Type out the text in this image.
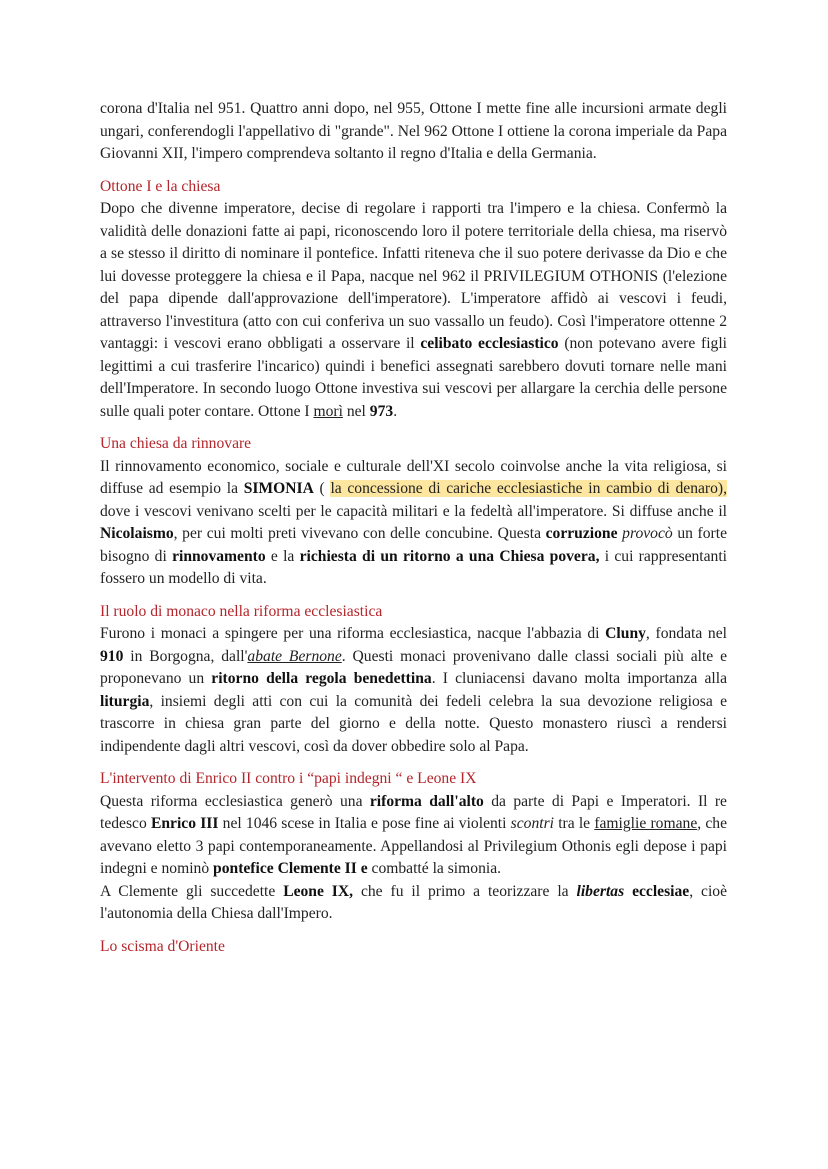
corona d'Italia nel 951. Quattro anni dopo, nel 955, Ottone I mette fine alle incursioni armate degli ungari, conferendogli l'appellativo di "grande". Nel 962 Ottone I ottiene la corona imperiale da Papa Giovanni XII, l'impero comprendeva soltanto il regno d'Italia e della Germania.

Ottone I e la chiesa

Dopo che divenne imperatore, decise di regolare i rapporti tra l'impero e la chiesa. Confermò la validità delle donazioni fatte ai papi, riconoscendo loro il potere territoriale della chiesa, ma riservò a se stesso il diritto di nominare il pontefice. Infatti riteneva che il suo potere derivasse da Dio e che lui dovesse proteggere la chiesa e il Papa, nacque nel 962 il PRIVILEGIUM OTHONIS (l'elezione del papa dipende dall'approvazione dell'imperatore). L'imperatore affidò ai vescovi i feudi, attraverso l'investitura (atto con cui conferiva un suo vassallo un feudo). Così l'imperatore ottenne 2 vantaggi: i vescovi erano obbligati a osservare il celibato ecclesiastico (non potevano avere figli legittimi a cui trasferire l'incarico) quindi i benefici assegnati sarebbero dovuti tornare nelle mani dell'Imperatore. In secondo luogo Ottone investiva sui vescovi per allargare la cerchia delle persone sulle quali poter contare. Ottone I morì nel 973.

Una chiesa da rinnovare

Il rinnovamento economico, sociale e culturale dell'XI secolo coinvolse anche la vita religiosa, si diffuse ad esempio la SIMONIA ( la concessione di cariche ecclesiastiche in cambio di denaro), dove i vescovi venivano scelti per le capacità militari e la fedeltà all'imperatore. Si diffuse anche il Nicolaismo, per cui molti preti vivevano con delle concubine. Questa corruzione provocò un forte bisogno di rinnovamento e la richiesta di un ritorno a una Chiesa povera, i cui rappresentanti fossero un modello di vita.

Il ruolo di monaco nella riforma ecclesiastica

Furono i monaci a spingere per una riforma ecclesiastica, nacque l'abbazia di Cluny, fondata nel 910 in Borgogna, dall'abate Bernone. Questi monaci provenivano dalle classi sociali più alte e proponevano un ritorno della regola benedettina. I cluniacensi davano molta importanza alla liturgia, insiemi degli atti con cui la comunità dei fedeli celebra la sua devozione religiosa e trascorre in chiesa gran parte del giorno e della notte. Questo monastero riuscì a rendersi indipendente dagli altri vescovi, così da dover obbedire solo al Papa.

L'intervento di Enrico II contro i “papi indegni “ e Leone IX

Questa riforma ecclesiastica generò una riforma dall'alto da parte di Papi e Imperatori. Il re tedesco Enrico III nel 1046 scese in Italia e pose fine ai violenti scontri tra le famiglie romane, che avevano eletto 3 papi contemporaneamente. Appellandosi al Privilegium Othonis egli depose i papi indegni e nominò pontefice Clemente II e combatté la simonia.

A Clemente gli succedette Leone IX, che fu il primo a teorizzare la libertas ecclesiae, cioè l'autonomia della Chiesa dall'Impero.

Lo scisma d'Oriente
